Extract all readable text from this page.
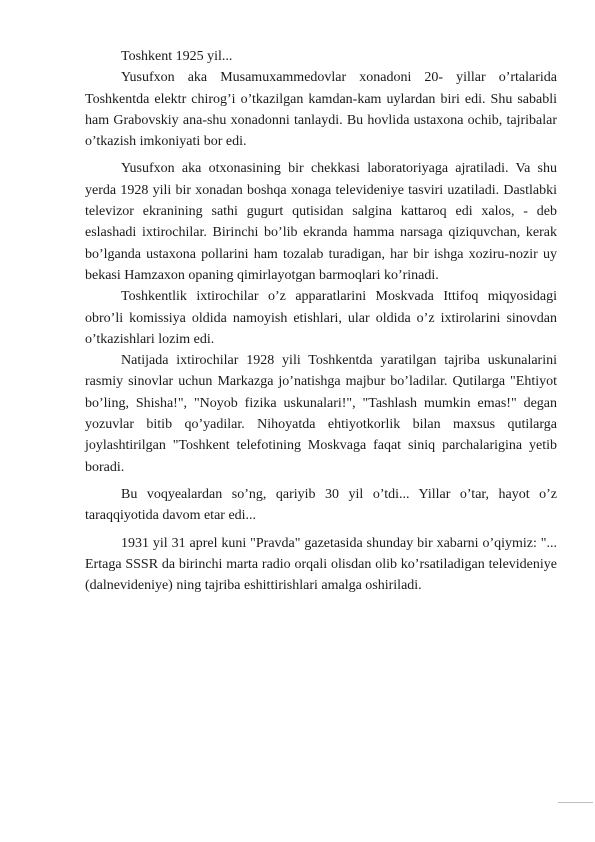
Toshkent 1925 yil...

Yusufxon aka Musamuxammedovlar xonadoni 20- yillar o’rtalarida Toshkentda elektr chirog’i o’tkazilgan kamdan-kam uylardan biri edi. Shu sababli ham Grabovskiy ana-shu xonadonni tanlaydi. Bu hovlida ustaxona ochib, tajribalar o’tkazish imkoniyati bor edi.

Yusufxon aka otxonasining bir chekkasi laboratoriyaga ajratiladi. Va shu yerda 1928 yili bir xonadan boshqa xonaga televideniye tasviri uzatiladi. Dastlabki televizor ekranining sathi gugurt qutisidan salgina kattaroq edi xalos, - deb eslashadi ixtirochilar. Birinchi bo’lib ekranda hamma narsaga qiziquvchan, kerak bo’lganda ustaxona pollarini ham tozalab turadigan, har bir ishga xoziru-nozir uy bekasi Hamzaxon opaning qimirlayotgan barmoqlari ko’rinadi.

Toshkentlik ixtirochilar o’z apparatlarini Moskvada Ittifoq miqyosidagi obro’li komissiya oldida namoyish etishlari, ular oldida o’z ixtirolarini sinovdan o’tkazishlari lozim edi.

Natijada ixtirochilar 1928 yili Toshkentda yaratilgan tajriba uskunalarini rasmiy sinovlar uchun Markazga jo’natishga majbur bo’ladilar. Qutilarga "Ehtiyot bo’ling, Shisha!", "Noyob fizika uskunalari!", "Tashlash mumkin emas!" degan yozuvlar bitib qo’yadilar. Nihoyatda ehtiyotkorlik bilan maxsus qutilarga joylashtirilgan "Toshkent telefotining Moskvaga faqat siniq parchalarigina yetib boradi.

Bu voqyealardan so’ng, qariyib 30 yil o’tdi... Yillar o’tar, hayot o’z taraqqiyotida davom etar edi...

1931 yil 31 aprel kuni "Pravda" gazetasida shunday bir xabarni o’qiymiz: "... Ertaga SSSR da birinchi marta radio orqali olisdan olib ko’rsatiladigan televideniye (dalnevideniye) ning tajriba eshittirishlari amalga oshiriladi.
